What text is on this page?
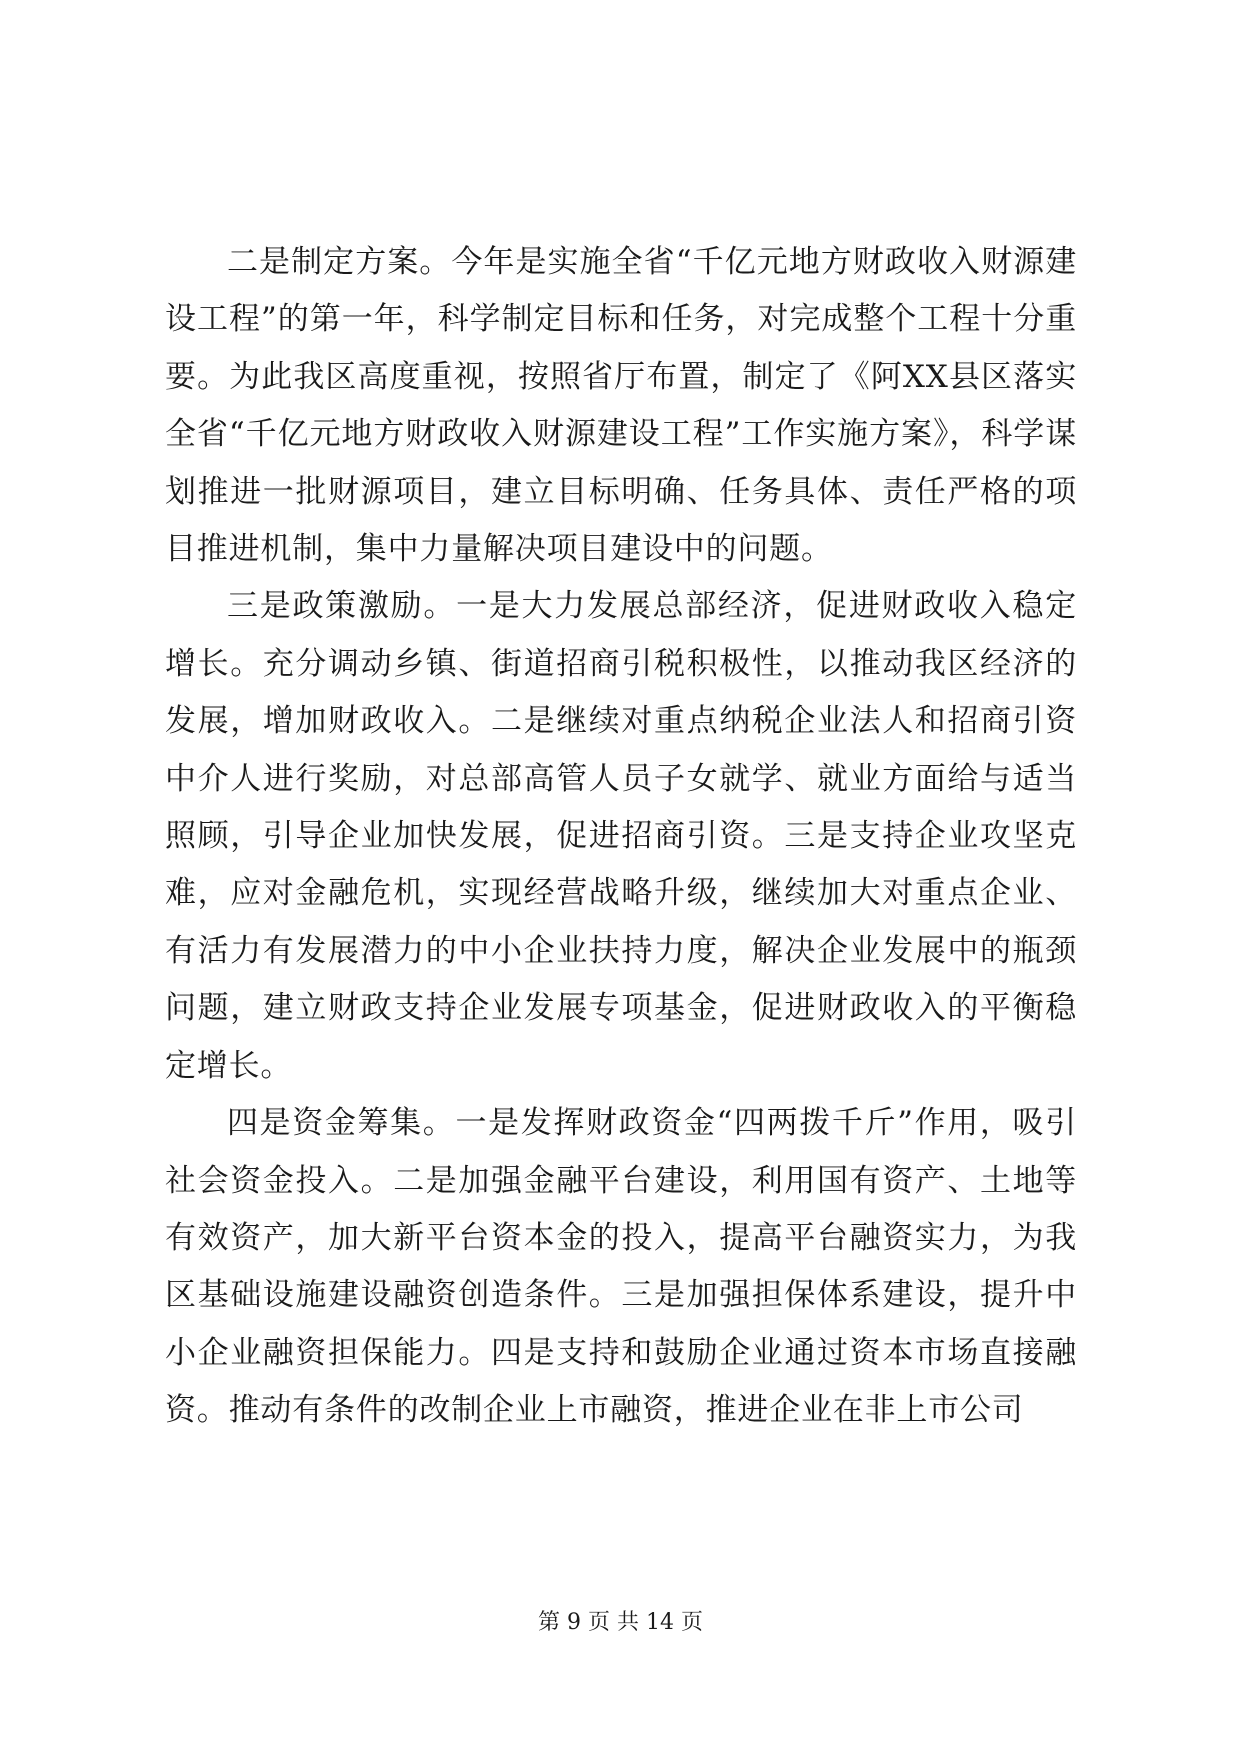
二是制定方案。今年是实施全省“千亿元地方财政收入财源建设工程”的第一年，科学制定目标和任务，对完成整个工程十分重要。为此我区高度重视，按照省厅布置，制定了《阿XX县区落实全省“千亿元地方财政收入财源建设工程”工作实施方案》，科学谋划推进一批财源项目，建立目标明确、任务具体、责任严格的项目推进机制，集中力量解决项目建设中的问题。

三是政策激励。一是大力发展总部经济，促进财政收入稳定增长。充分调动乡镇、街道招商引税积极性，以推动我区经济的发展，增加财政收入。二是继续对重点纳税企业法人和招商引资中介人进行奖励，对总部高管人员子女就学、就业方面给与适当照顾，引导企业加快发展，促进招商引资。三是支持企业攻坚克难，应对金融危机，实现经营战略升级，继续加大对重点企业、有活力有发展潜力的中小企业扶持力度，解决企业发展中的瓶颈问题，建立财政支持企业发展专项基金，促进财政收入的平衡稳定增长。

四是资金筹集。一是发挥财政资金“四两拨千斤”作用，吸引社会资金投入。二是加强金融平台建设，利用国有资产、土地等有效资产，加大新平台资本金的投入，提高平台融资实力，为我区基础设施建设融资创造条件。三是加强担保体系建设，提升中小企业融资担保能力。四是支持和鼓励企业通过资本市场直接融资。推动有条件的改制企业上市融资，推进企业在非上市公司

第 9 页 共 14 页
